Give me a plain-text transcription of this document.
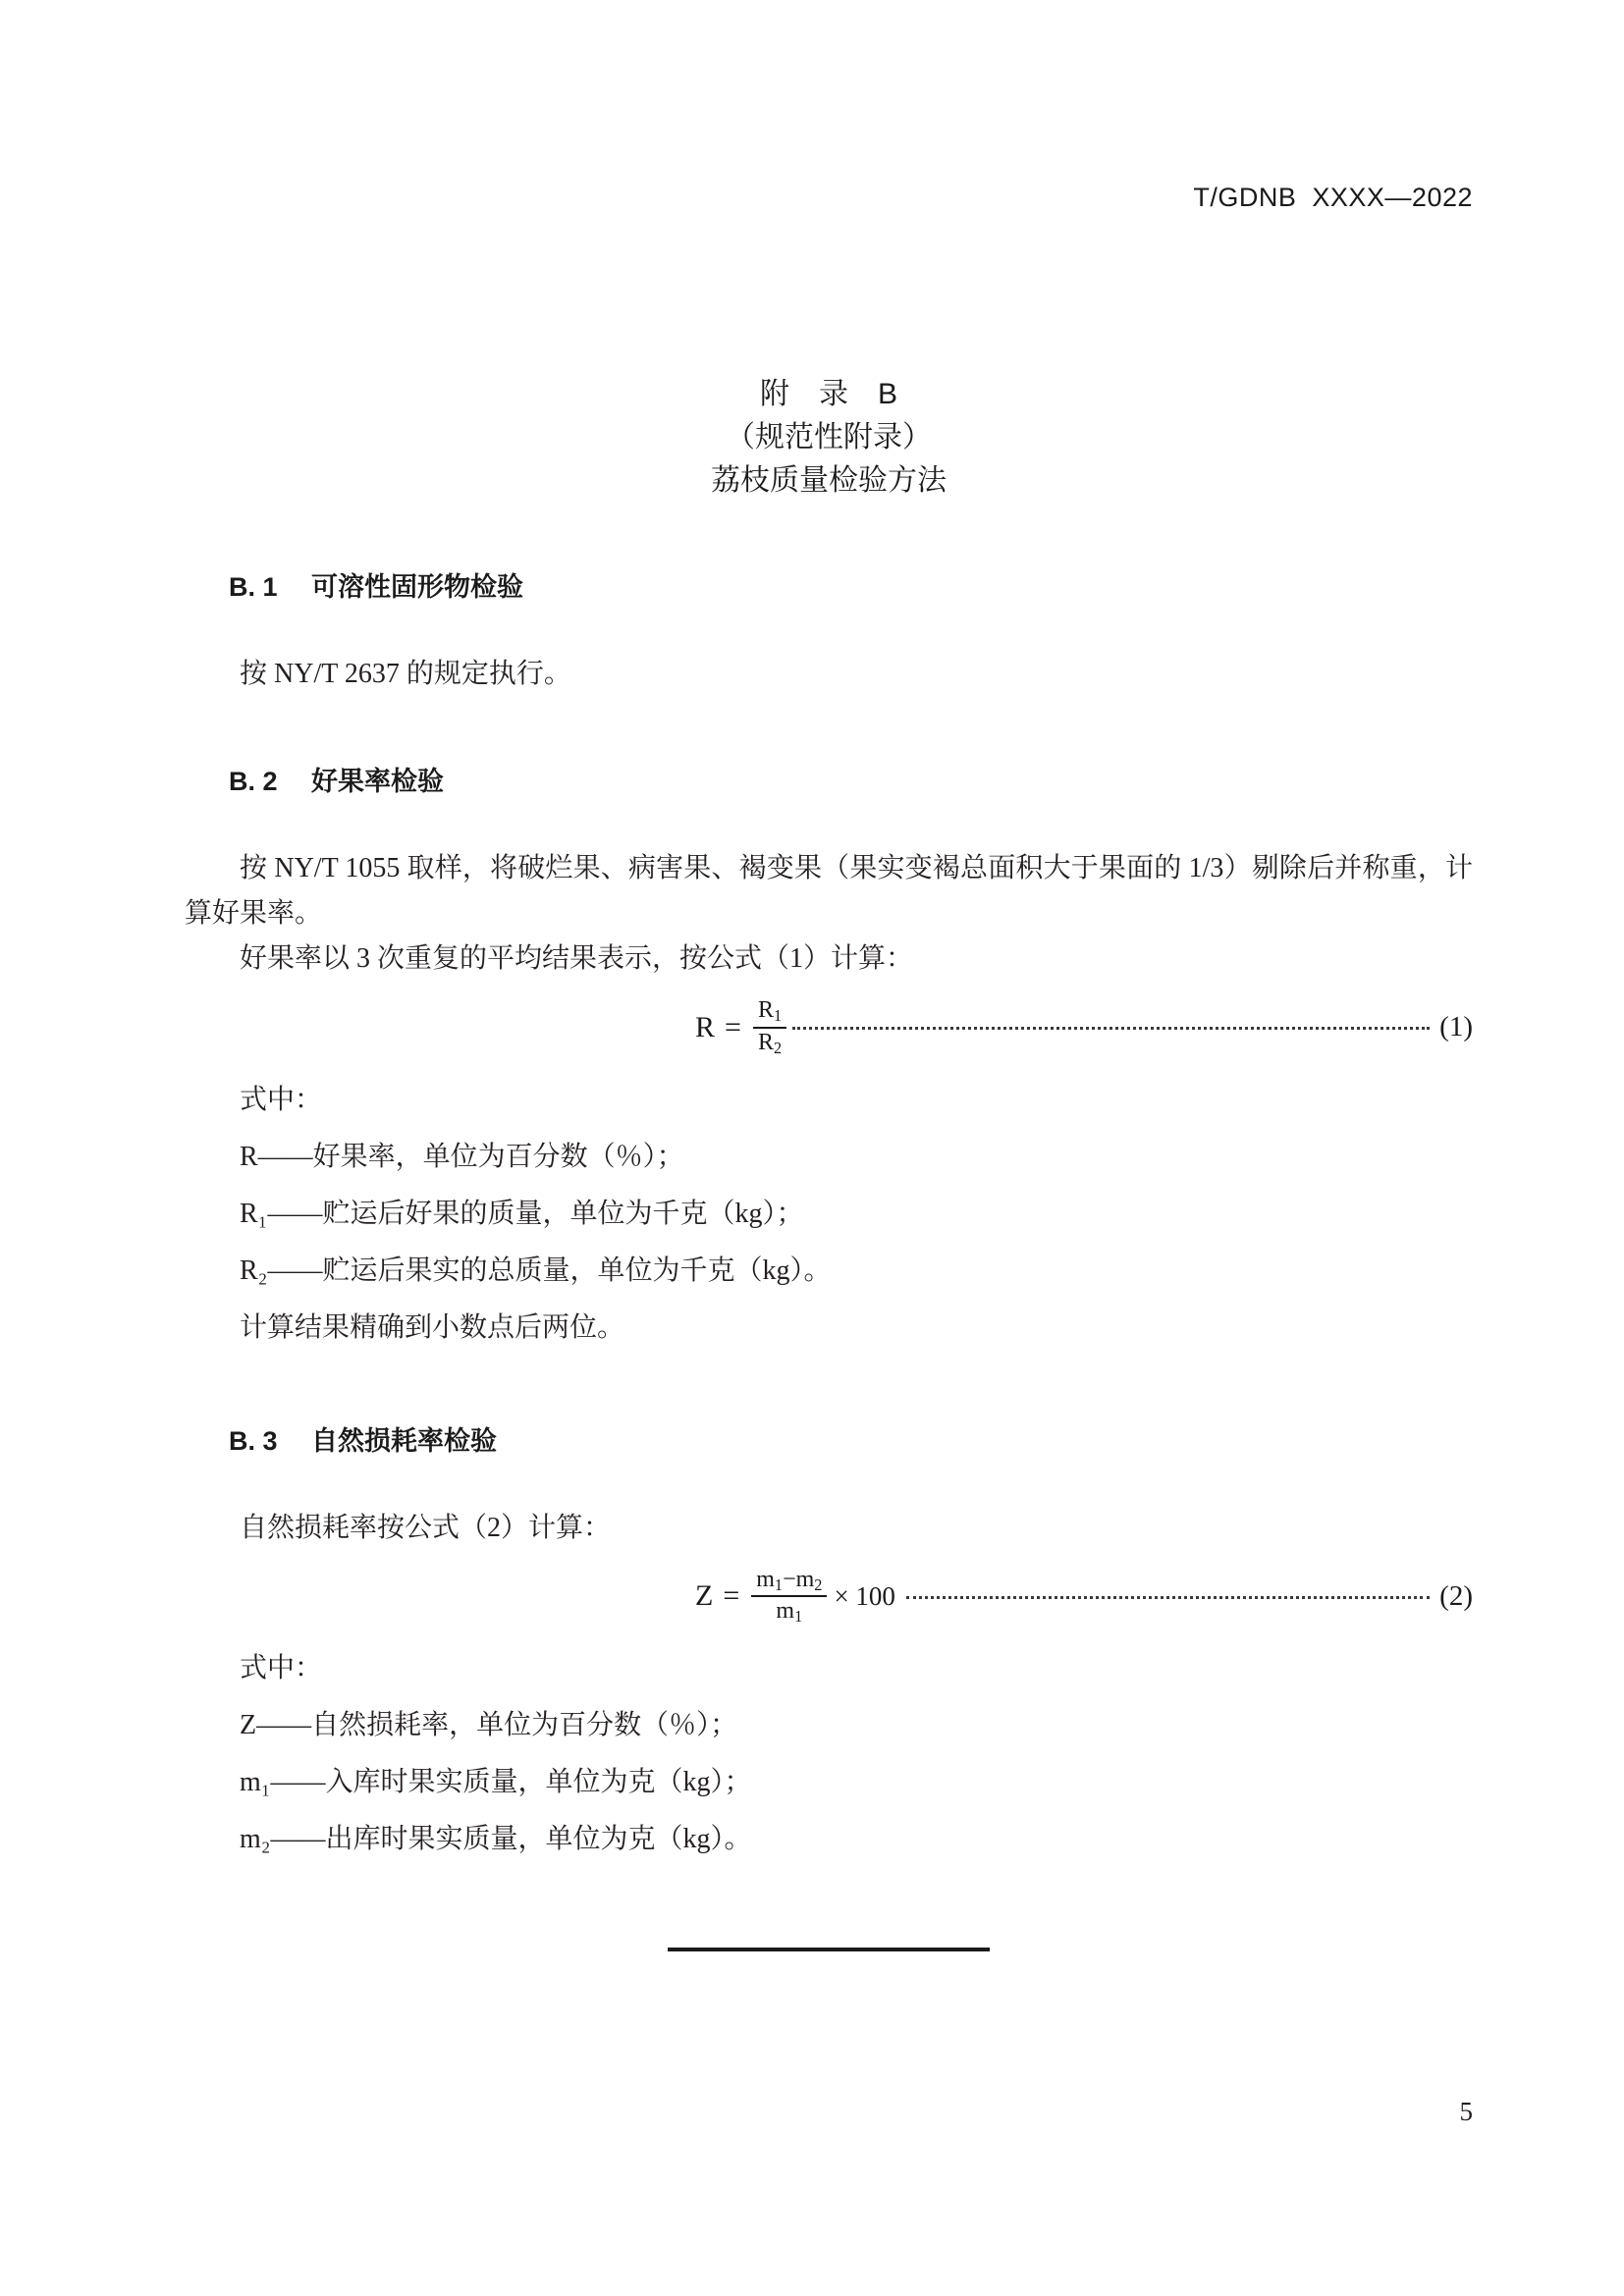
T/GDNB  XXXX—2022
附　录　B
（规范性附录）
荔枝质量检验方法

B. 1 可溶性固形物检验

按 NY/T 2637 的规定执行。

B. 2 好果率检验

按 NY/T 1055 取样，将破烂果、病害果、褐变果（果实变褐总面积大于果面的 1/3）剔除后并称重，计算好果率。

好果率以 3 次重复的平均结果表示，按公式（1）计算：

$R = \frac{R_1}{R_2}$	(1)
式中：
R——好果率，单位为百分数（％）；
R₁——贮运后好果的质量，单位为千克（kg）；
R₂——贮运后果实的总质量，单位为千克（kg）。
计算结果精确到小数点后两位。

B. 3 自然损耗率检验

自然损耗率按公式（2）计算：

$Z = \frac{m_1-m_2}{m_1} \times 100$	(2)
式中：
Z——自然损耗率，单位为百分数（％）；
m₁——入库时果实质量，单位为克（kg）；
m₂——出库时果实质量，单位为克（kg）。
5
